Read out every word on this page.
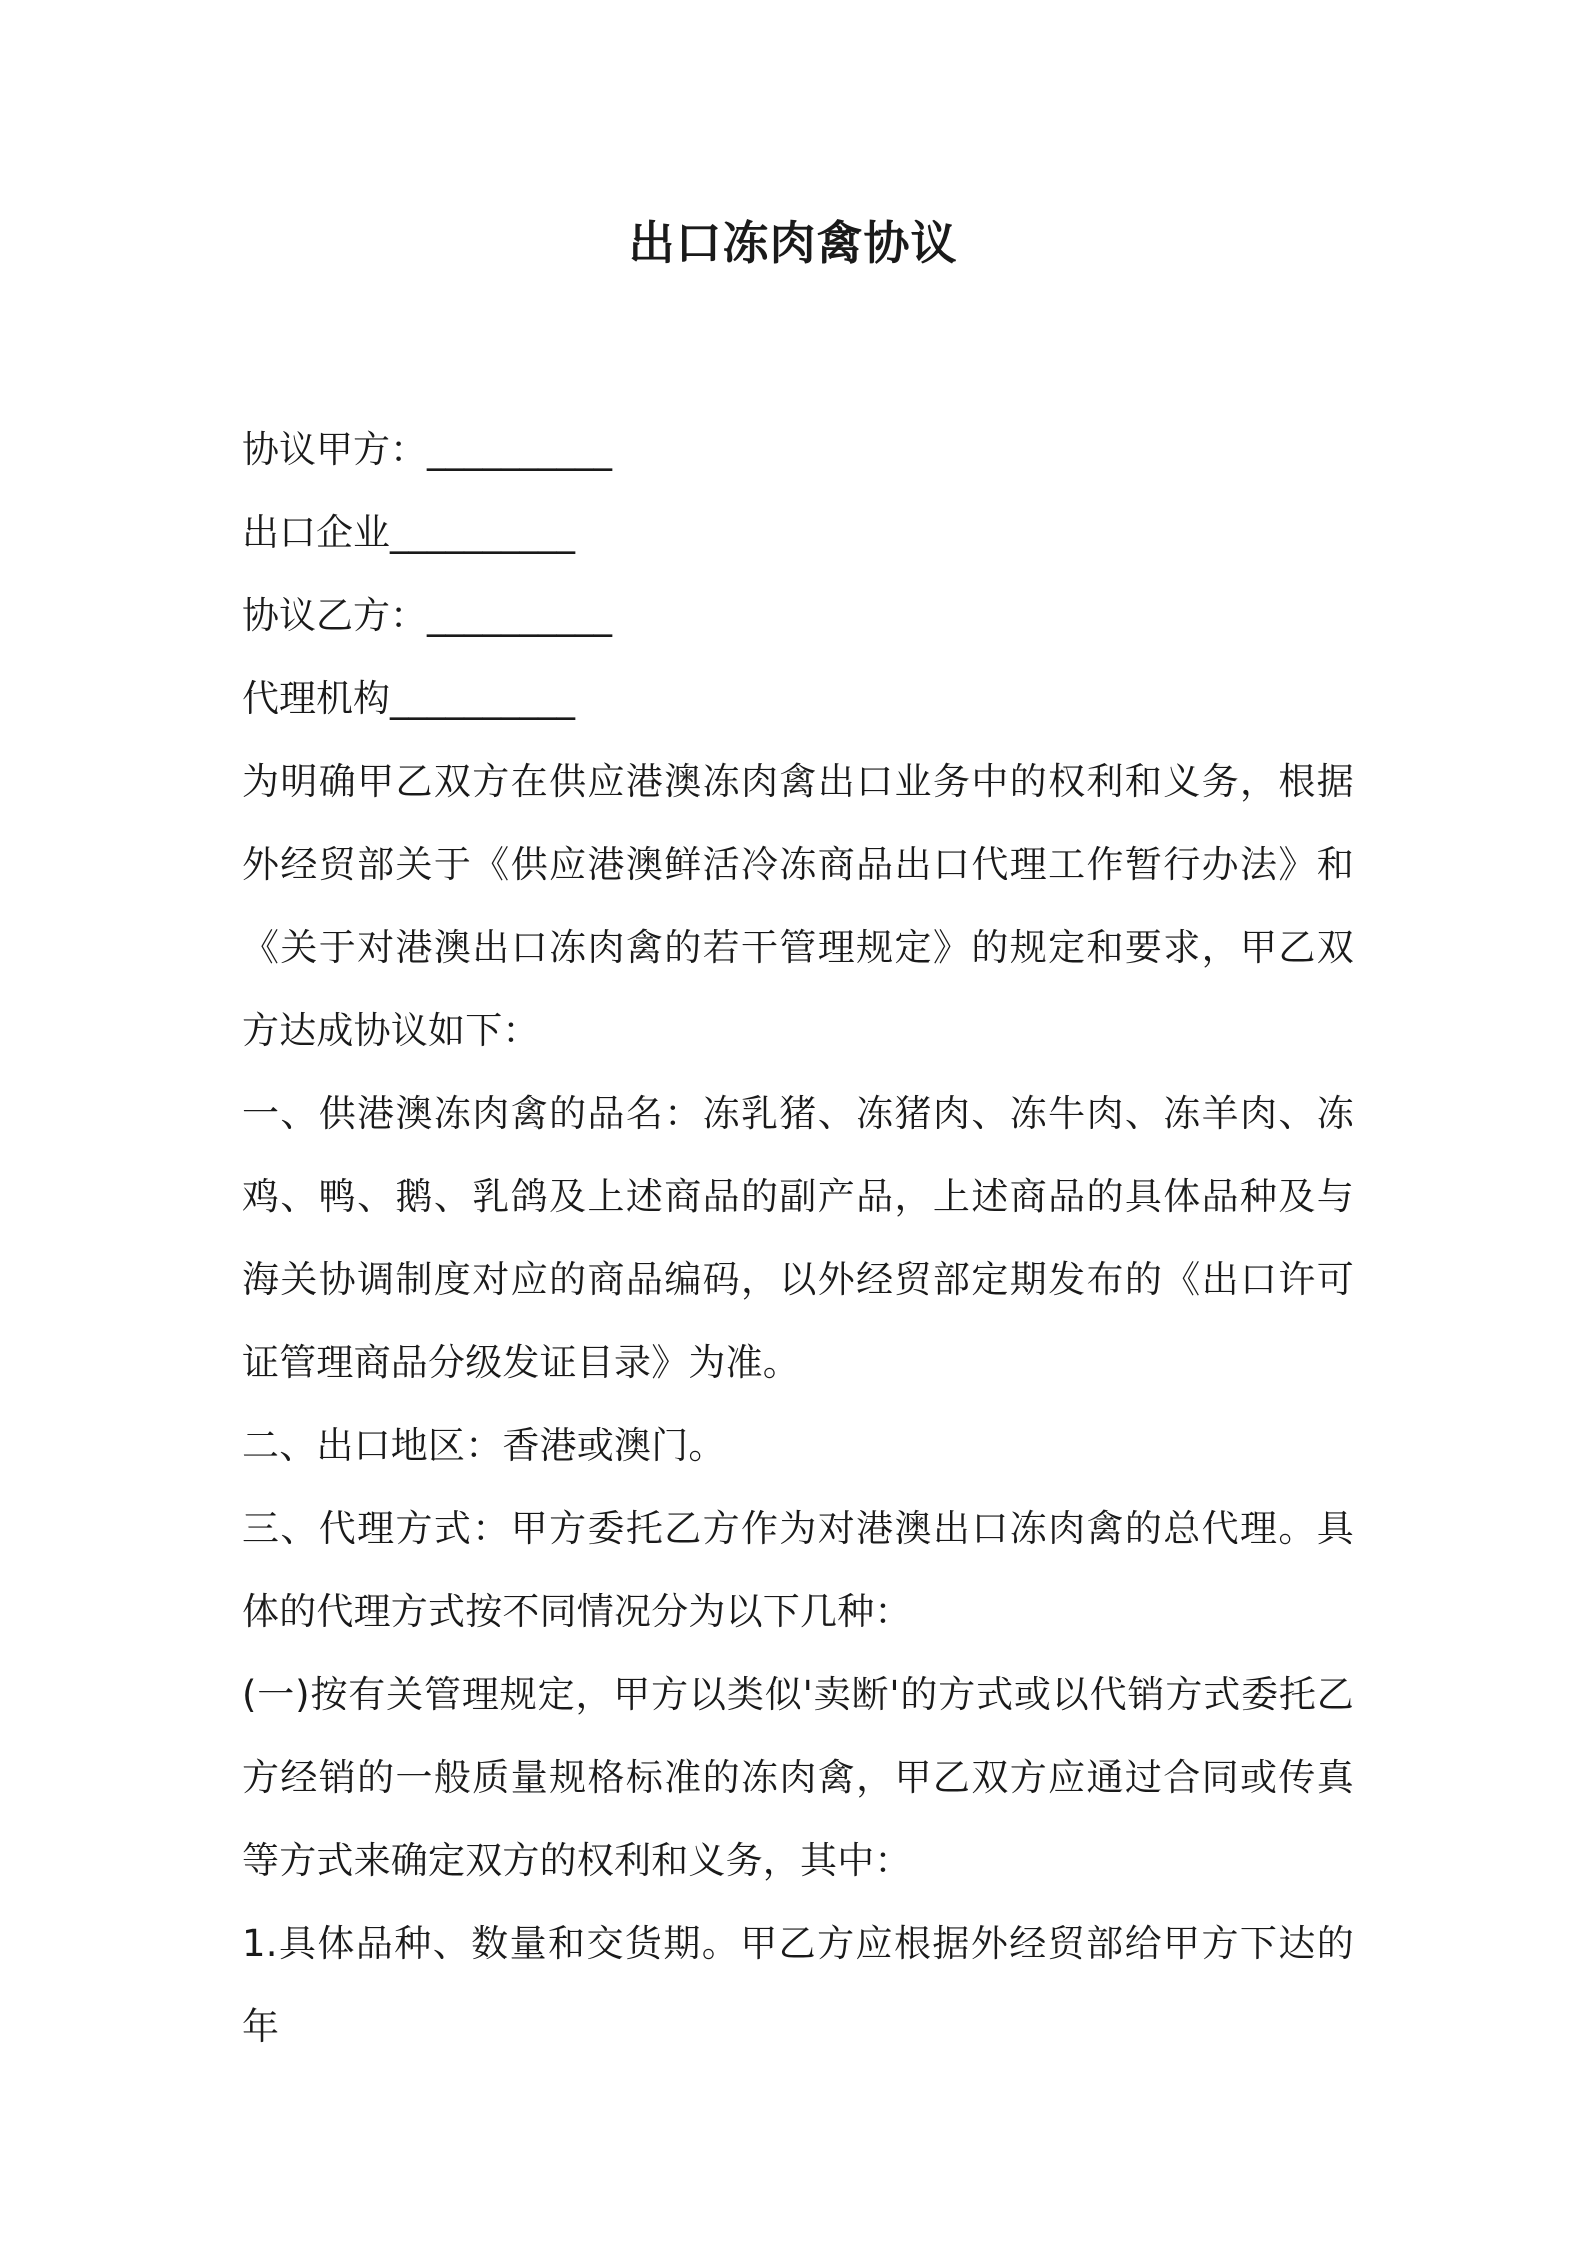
出口冻肉禽协议
协议甲方：__________
出口企业__________
协议乙方：__________
代理机构__________
为明确甲乙双方在供应港澳冻肉禽出口业务中的权利和义务，根据外经贸部关于《供应港澳鲜活冷冻商品出口代理工作暂行办法》和《关于对港澳出口冻肉禽的若干管理规定》的规定和要求，甲乙双方达成协议如下：
一、供港澳冻肉禽的品名：冻乳猪、冻猪肉、冻牛肉、冻羊肉、冻鸡、鸭、鹅、乳鸽及上述商品的副产品，上述商品的具体品种及与海关协调制度对应的商品编码，以外经贸部定期发布的《出口许可证管理商品分级发证目录》为准。
二、出口地区：香港或澳门。
三、代理方式：甲方委托乙方作为对港澳出口冻肉禽的总代理。具体的代理方式按不同情况分为以下几种：
(一)按有关管理规定，甲方以类似'卖断'的方式或以代销方式委托乙方经销的一般质量规格标准的冻肉禽，甲乙双方应通过合同或传真等方式来确定双方的权利和义务，其中：
1.具体品种、数量和交货期。甲乙方应根据外经贸部给甲方下达的年
